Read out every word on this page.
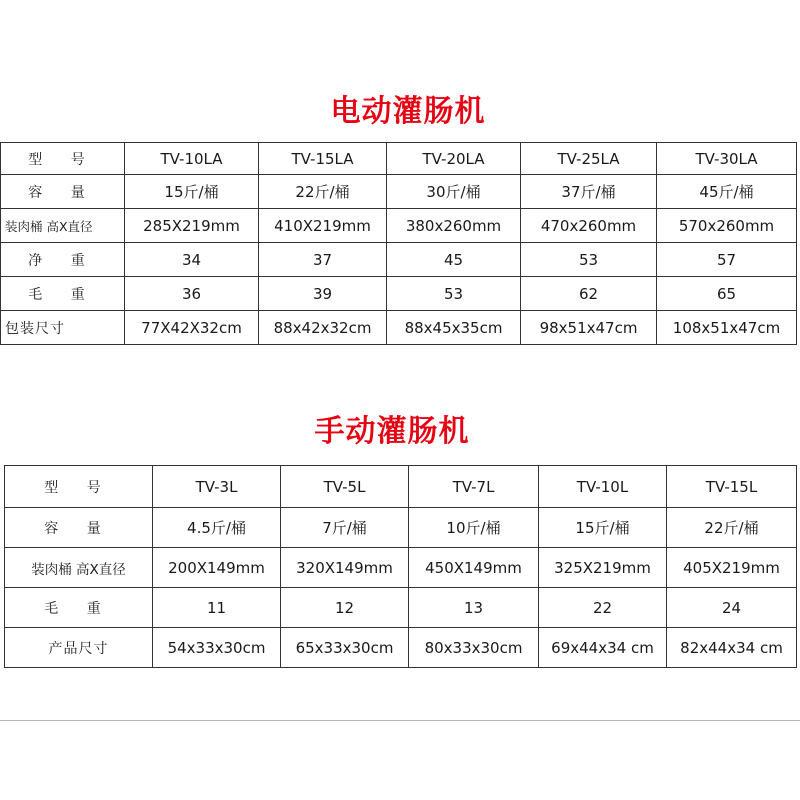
电动灌肠机
型 号	TV-10LA	TV-15LA	TV-20LA	TV-25LA	TV-30LA
容 量	15斤/桶	22斤/桶	30斤/桶	37斤/桶	45斤/桶
装肉桶 高X直径	285X219mm	410X219mm	380x260mm	470x260mm	570x260mm
净 重	34	37	45	53	57
毛 重	36	39	53	62	65
包装尺寸	77X42X32cm	88x42x32cm	88x45x35cm	98x51x47cm	108x51x47cm
手动灌肠机
型 号	TV-3L	TV-5L	TV-7L	TV-10L	TV-15L
容 量	4.5斤/桶	7斤/桶	10斤/桶	15斤/桶	22斤/桶
装肉桶 高X直径	200X149mm	320X149mm	450X149mm	325X219mm	405X219mm
毛 重	11	12	13	22	24
产品尺寸	54x33x30cm	65x33x30cm	80x33x30cm	69x44x34 cm	82x44x34 cm
